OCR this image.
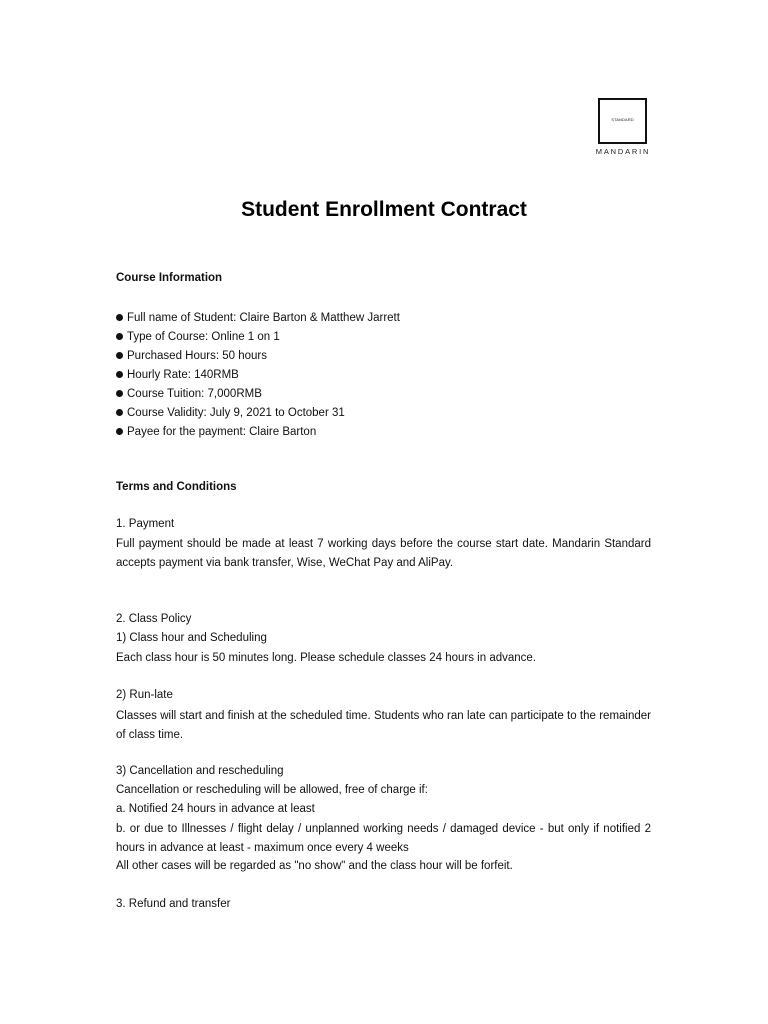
STANDARD
MANDARIN
Student Enrollment Contract
Course Information
Full name of Student: Claire Barton & Matthew Jarrett
Type of Course: Online 1 on 1
Purchased Hours: 50 hours
Hourly Rate: 140RMB
Course Tuition: 7,000RMB
Course Validity: July 9, 2021 to October 31
Payee for the payment: Claire Barton
Terms and Conditions
1. Payment
Full payment should be made at least 7 working days before the course start date. Mandarin Standard accepts payment via bank transfer, Wise, WeChat Pay and AliPay.
2. Class Policy
1) Class hour and Scheduling
Each class hour is 50 minutes long. Please schedule classes 24 hours in advance.
2) Run-late
Classes will start and finish at the scheduled time. Students who ran late can participate to the remainder of class time.
3) Cancellation and rescheduling
Cancellation or rescheduling will be allowed, free of charge if:
a. Notified 24 hours in advance at least
b. or due to Illnesses / flight delay / unplanned working needs / damaged device - but only if notified 2 hours in advance at least - maximum once every 4 weeks
All other cases will be regarded as "no show" and the class hour will be forfeit.
3. Refund and transfer
